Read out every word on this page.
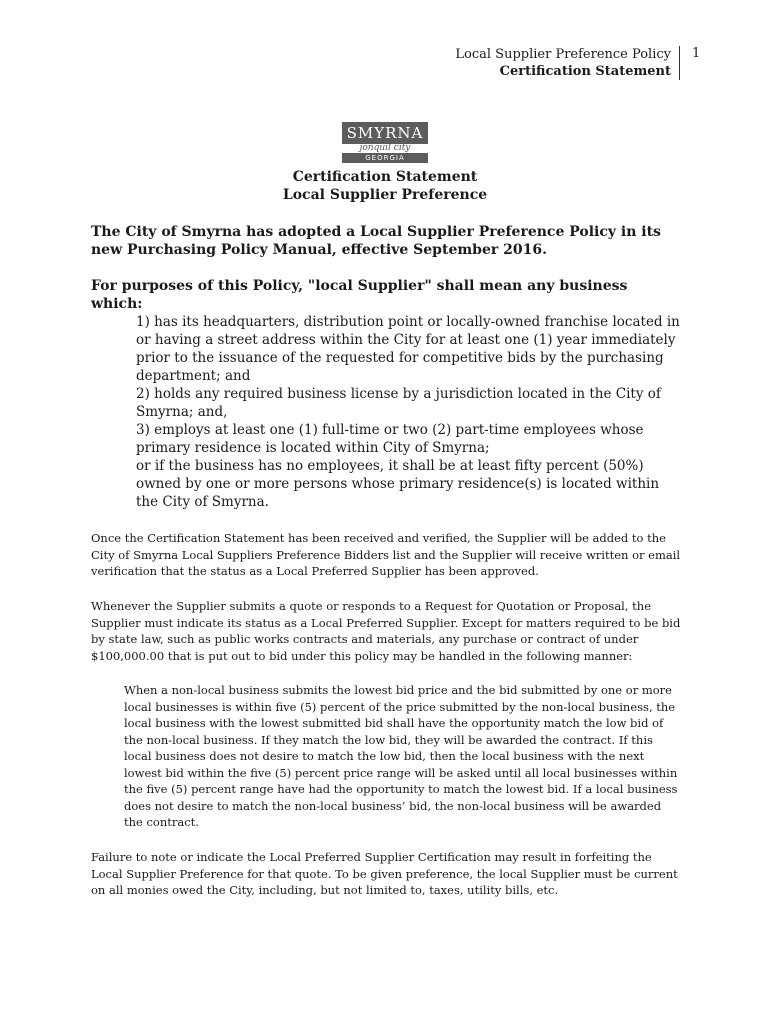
Local Supplier Preference Policy
Certification Statement
1
SMYRNA
jonquil city
GEORGIA
Certification Statement
Local Supplier Preference
The City of Smyrna has adopted a Local Supplier Preference Policy in its new Purchasing Policy Manual, effective September 2016.
For purposes of this Policy, "local Supplier" shall mean any business which:
1) has its headquarters, distribution point or locally-owned franchise located in or having a street address within the City for at least one (1) year immediately prior to the issuance of the requested for competitive bids by the purchasing department; and
2) holds any required business license by a jurisdiction located in the City of Smyrna; and,
3) employs at least one (1) full-time or two (2) part-time employees whose primary residence is located within City of Smyrna;
or if the business has no employees, it shall be at least fifty percent (50%) owned by one or more persons whose primary residence(s) is located within the City of Smyrna.
Once the Certification Statement has been received and verified, the Supplier will be added to the City of Smyrna Local Suppliers Preference Bidders list and the Supplier will receive written or email verification that the status as a Local Preferred Supplier has been approved.
Whenever the Supplier submits a quote or responds to a Request for Quotation or Proposal, the Supplier must indicate its status as a Local Preferred Supplier. Except for matters required to be bid by state law, such as public works contracts and materials, any purchase or contract of under $100,000.00 that is put out to bid under this policy may be handled in the following manner:
When a non-local business submits the lowest bid price and the bid submitted by one or more local businesses is within five (5) percent of the price submitted by the non-local business, the local business with the lowest submitted bid shall have the opportunity match the low bid of the non-local business. If they match the low bid, they will be awarded the contract. If this local business does not desire to match the low bid, then the local business with the next lowest bid within the five (5) percent price range will be asked until all local businesses within the five (5) percent range have had the opportunity to match the lowest bid. If a local business does not desire to match the non-local business’ bid, the non-local business will be awarded the contract.
Failure to note or indicate the Local Preferred Supplier Certification may result in forfeiting the Local Supplier Preference for that quote. To be given preference, the local Supplier must be current on all monies owed the City, including, but not limited to, taxes, utility bills, etc.
